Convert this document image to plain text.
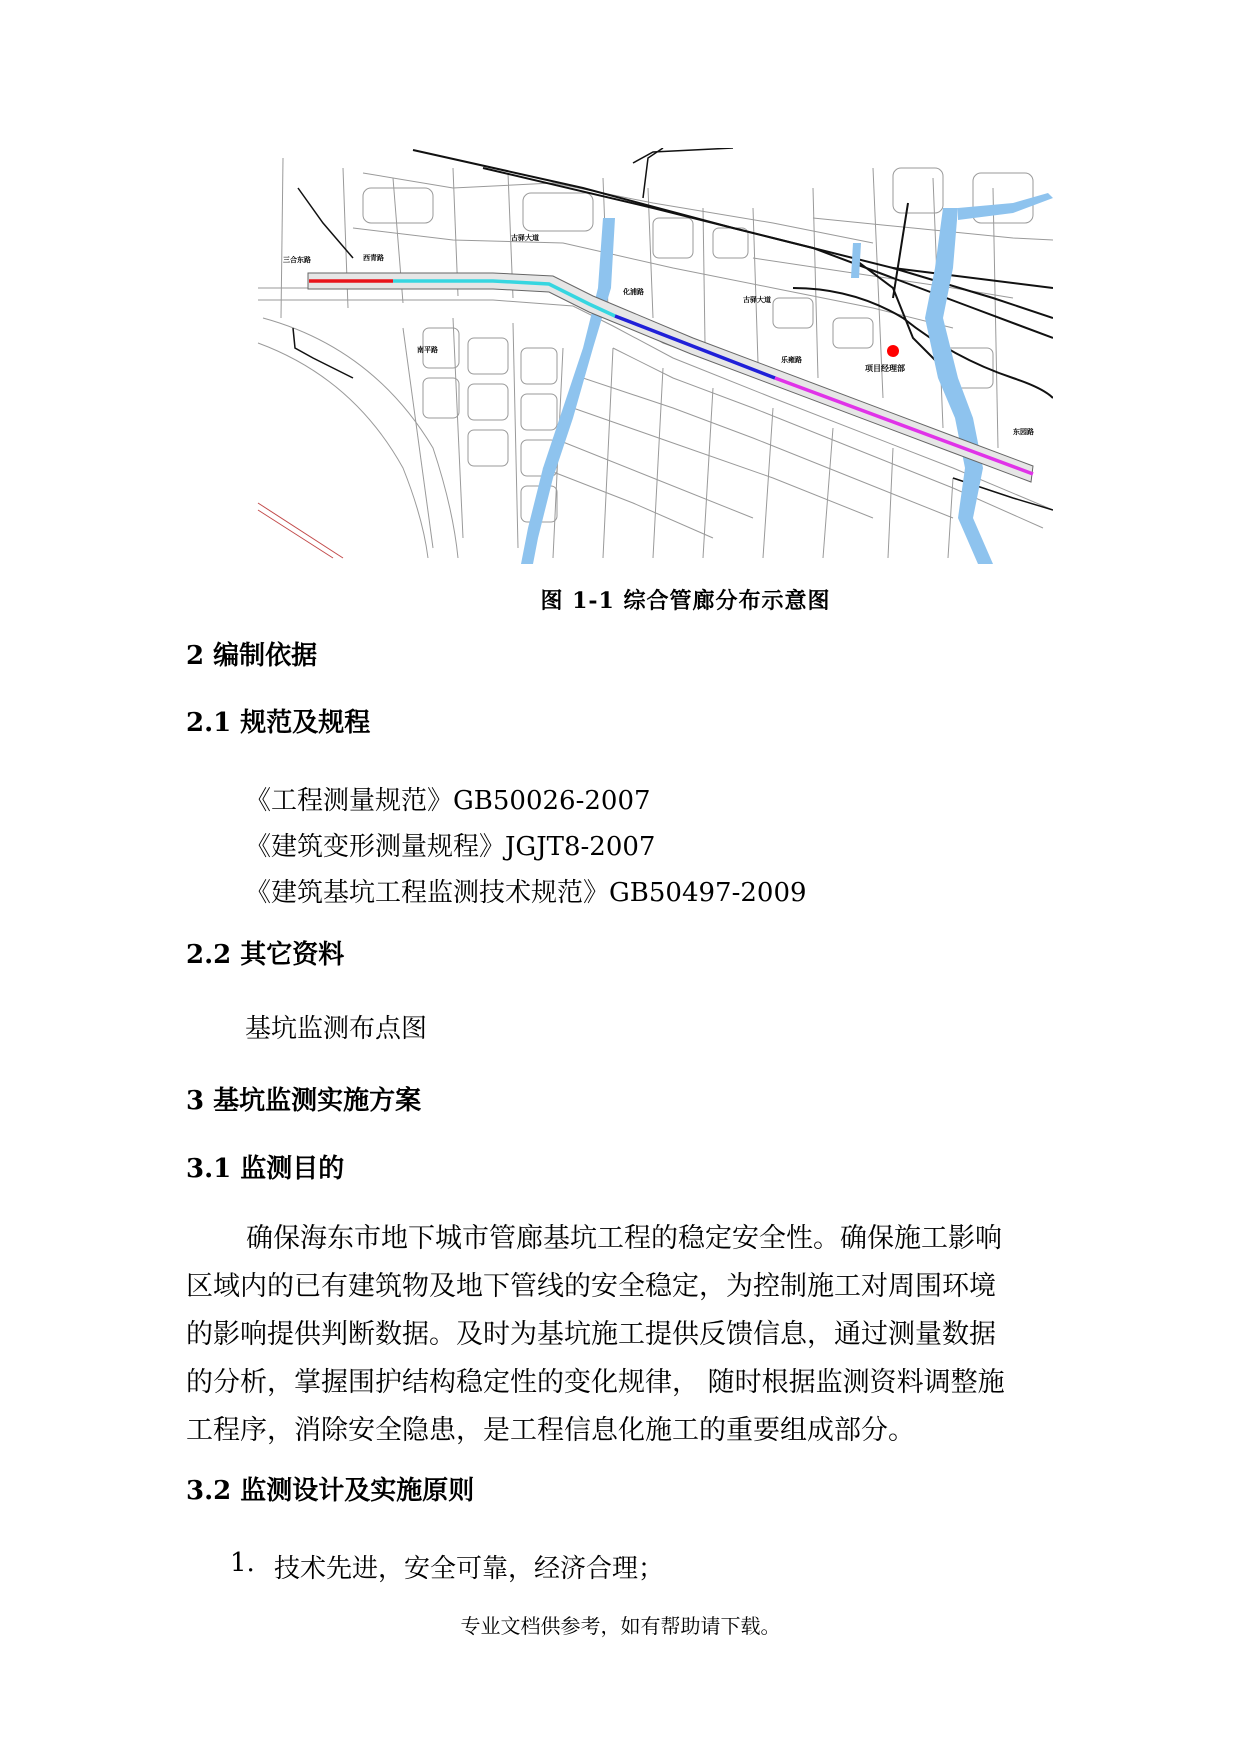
三合东路	西青路
古驿大道
化浦路
古驿大道
南平路
乐雍路
项目经理部
东园路
图 1-1 综合管廊分布示意图
2 编制依据
2.1 规范及规程
《工程测量规范》GB50026-2007
《建筑变形测量规程》JGJT8-2007
《建筑基坑工程监测技术规范》GB50497-2009
2.2 其它资料
基坑监测布点图
3 基坑监测实施方案
3.1 监测目的
确保海东市地下城市管廊基坑工程的稳定安全性。确保施工影响
区域内的已有建筑物及地下管线的安全稳定，为控制施工对周围环境
的影响提供判断数据。及时为基坑施工提供反馈信息，通过测量数据
的分析，掌握围护结构稳定性的变化规律， 随时根据监测资料调整施
工程序，消除安全隐患，是工程信息化施工的重要组成部分。
3.2 监测设计及实施原则
1. 技术先进，安全可靠，经济合理；
专业文档供参考，如有帮助请下载。
